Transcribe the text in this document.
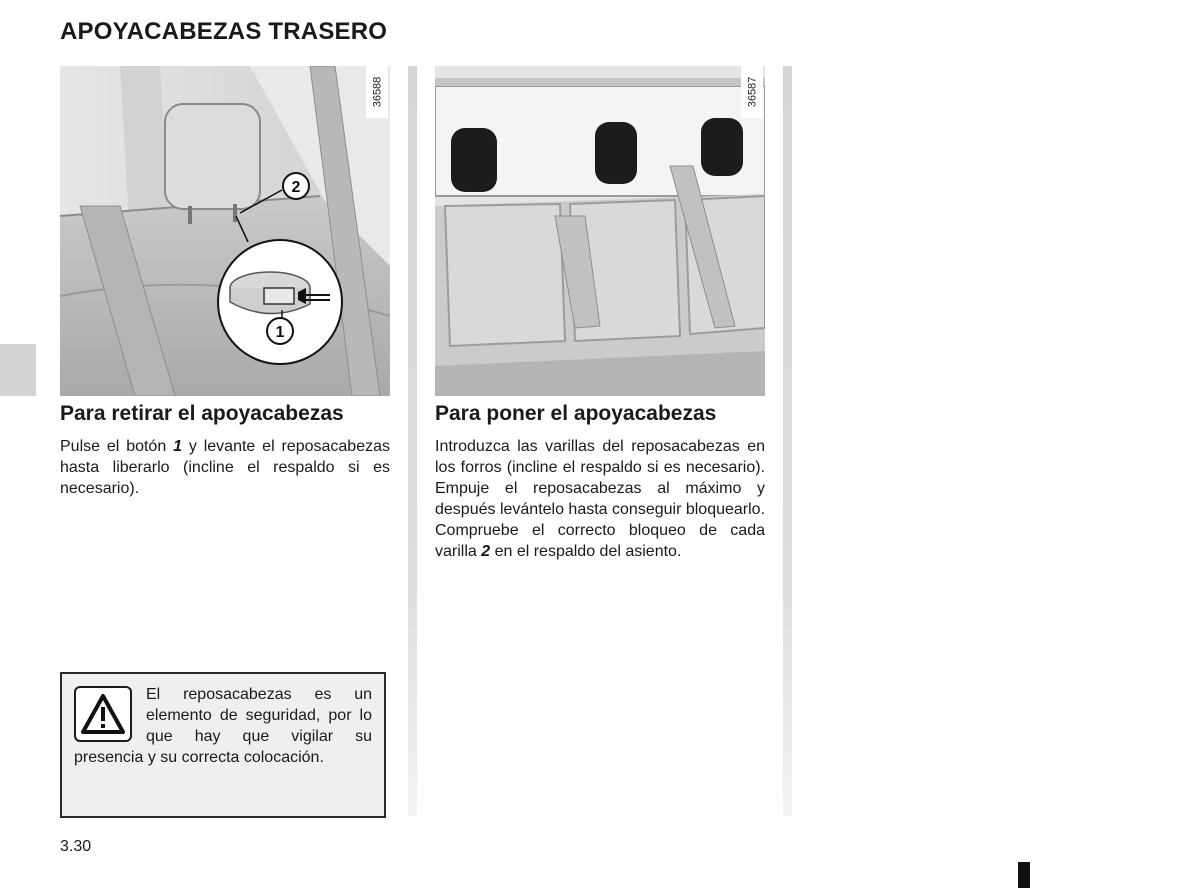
APOYACABEZAS TRASERO
2
1
36588	36587
Para retirar el apoyacabezas
Pulse el botón 1 y levante el reposacabezas hasta liberarlo (incline el respaldo si es necesario).
Para poner el apoyacabezas
Introduzca las varillas del reposacabezas en los forros (incline el respaldo si es necesario). Empuje el reposacabezas al máximo y después levántelo hasta conseguir bloquearlo. Compruebe el correcto bloqueo de cada varilla 2 en el respaldo del asiento.
El reposacabezas es un elemento de seguridad, por lo que hay que vigilar su presencia y su correcta colocación.
3.30
